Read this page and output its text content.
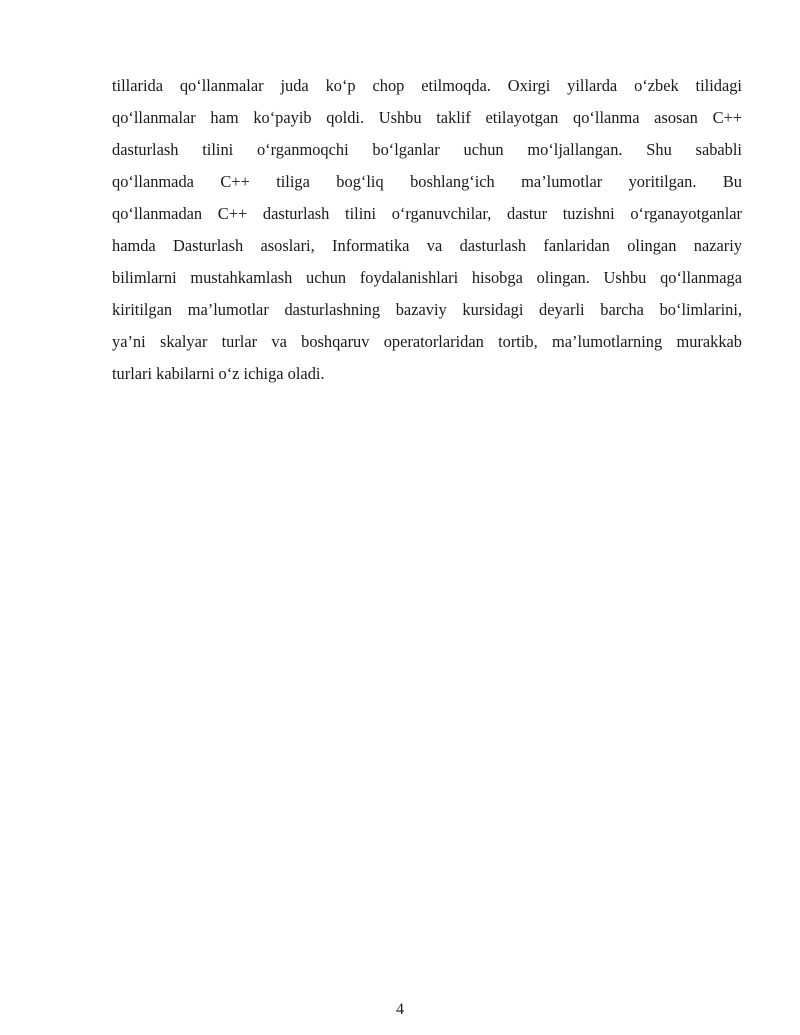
tillarida qo‘llanmalar juda ko‘p chop etilmoqda. Oxirgi yillarda o‘zbek tilidagi
qo‘llanmalar ham ko‘payib qoldi. Ushbu taklif etilayotgan qo‘llanma asosan C++
dasturlash tilini o‘rganmoqchi bo‘lganlar uchun mo‘ljallangan. Shu sababli
qo‘llanmada C++ tiliga bog‘liq boshlang‘ich ma’lumotlar yoritilgan. Bu
qo‘llanmadan C++ dasturlash tilini o‘rganuvchilar, dastur tuzishni o‘rganayotganlar
hamda Dasturlash asoslari, Informatika va dasturlash fanlaridan olingan nazariy
bilimlarni mustahkamlash uchun foydalanishlari hisobga olingan. Ushbu qo‘llanmaga
kiritilgan ma’lumotlar dasturlashning bazaviy kursidagi deyarli barcha bo‘limlarini,
ya’ni skalyar turlar va boshqaruv operatorlaridan tortib, ma’lumotlarning murakkab
turlari kabilarni o‘z ichiga oladi.
4
